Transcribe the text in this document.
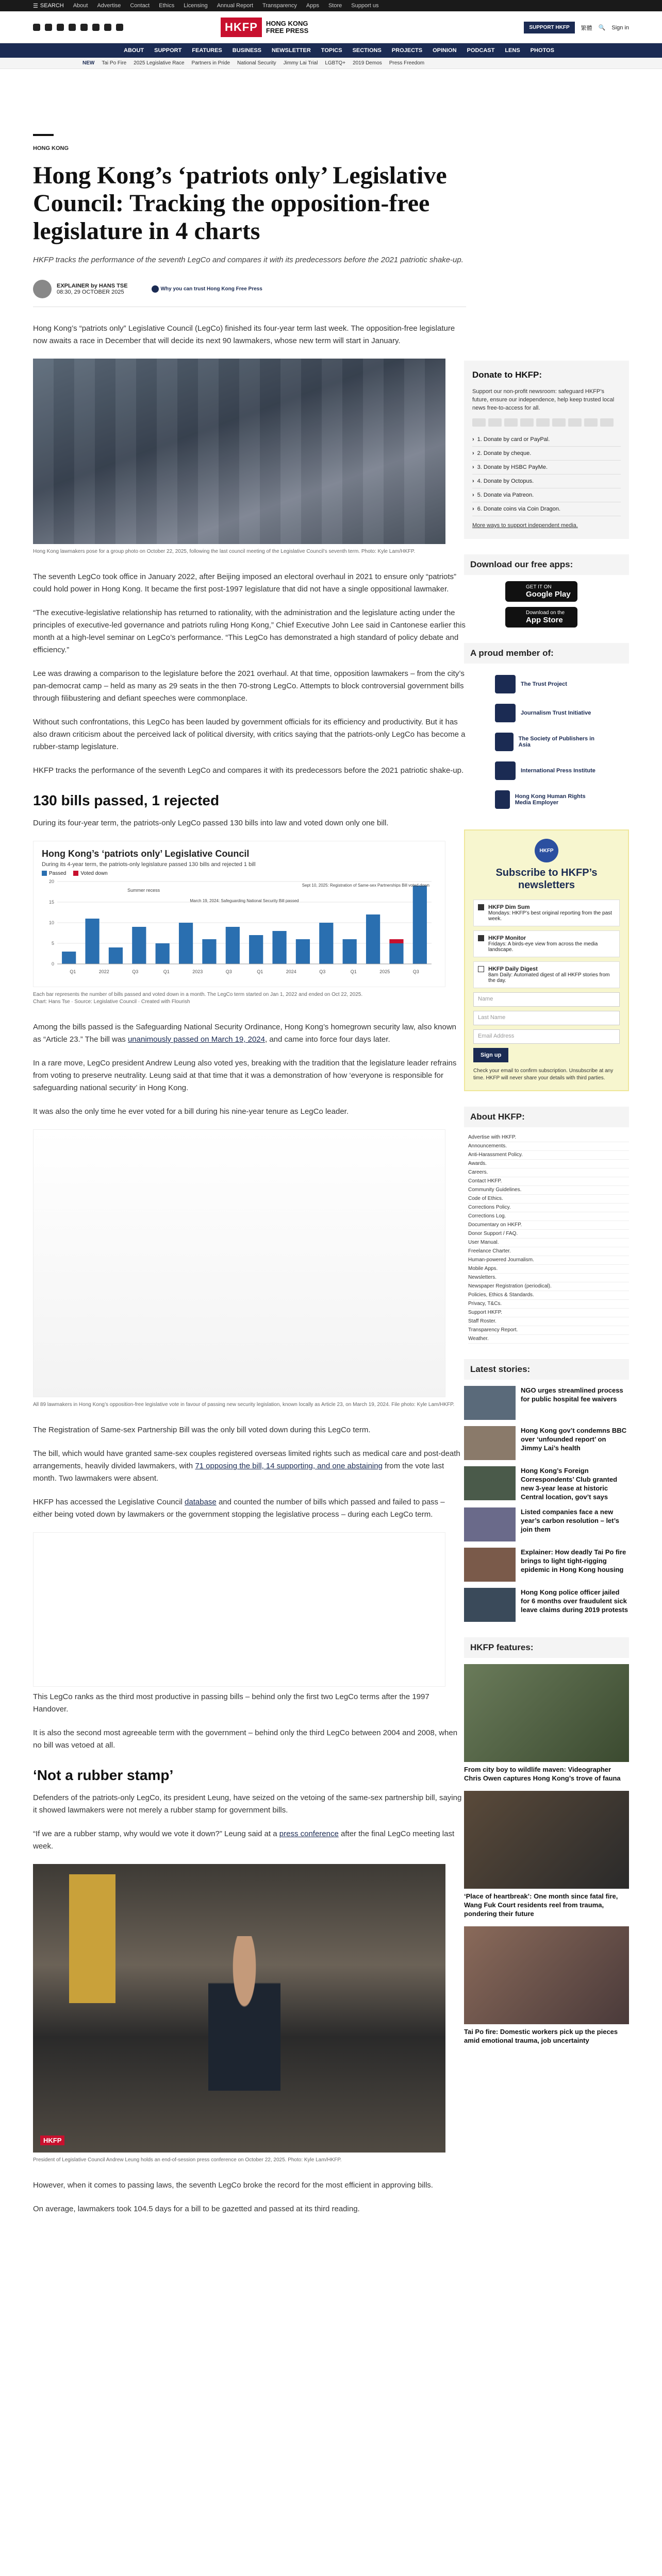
☰ SEARCH About Advertise Contact Ethics Licensing Annual Report Transparency Apps Store Support us
HKFP	HONG KONG
FREE PRESS	SUPPORT HKFP	繁體 🔍 Sign in
ABOUT SUPPORT FEATURES BUSINESS NEWSLETTER TOPICS SECTIONS PROJECTS OPINION PODCAST LENS PHOTOS
NEW Tai Po Fire 2025 Legislative Race Partners in Pride National Security Jimmy Lai Trial LGBTQ+ 2019 Demos Press Freedom
HONG KONG
Hong Kong’s ‘patriots only’ Legislative Council: Tracking the opposition-free legislature in 4 charts
HKFP tracks the performance of the seventh LegCo and compares it with its predecessors before the 2021 patriotic shake-up.
EXPLAINER by HANS TSE
08:30, 29 OCTOBER 2025	Why you can trust Hong Kong Free Press

Hong Kong’s “patriots only” Legislative Council (LegCo) finished its four-year term last week. The opposition-free legislature now awaits a race in December that will decide its next 90 lawmakers, whose new term will start in January.

Hong Kong lawmakers pose for a group photo on October 22, 2025, following the last council meeting of the Legislative Council’s seventh term. Photo: Kyle Lam/HKFP.

The seventh LegCo took office in January 2022, after Beijing imposed an electoral overhaul in 2021 to ensure only “patriots” could hold power in Hong Kong. It became the first post-1997 legislature that did not have a single oppositional lawmaker.

“The executive-legislative relationship has returned to rationality, with the administration and the legislature acting under the principles of executive-led governance and patriots ruling Hong Kong,” Chief Executive John Lee said in Cantonese earlier this month at a high-level seminar on LegCo’s performance. “This LegCo has demonstrated a high standard of policy debate and efficiency.”

Lee was drawing a comparison to the legislature before the 2021 overhaul. At that time, opposition lawmakers – from the city’s pan-democrat camp – held as many as 29 seats in the then 70-strong LegCo. Attempts to block controversial government bills through filibustering and defiant speeches were commonplace.

Without such confrontations, this LegCo has been lauded by government officials for its efficiency and productivity. But it has also drawn criticism about the perceived lack of political diversity, with critics saying that the patriots-only LegCo has become a rubber-stamp legislature.

HKFP tracks the performance of the seventh LegCo and compares it with its predecessors before the 2021 patriotic shake-up.

130 bills passed, 1 rejected

During its four-year term, the patriots-only LegCo passed 130 bills into law and voted down only one bill.

Hong Kong’s ‘patriots only’ Legislative Council
During its 4-year term, the patriots-only legislature passed 130 bills and rejected 1 bill
Passed	Voted down
0
5
10
15
20
Q1	2022	Q3	Q1	2023	Q3	Q1	2024	Q3	Q1	2025	Q3
Summer recess
March 19, 2024: Safeguarding National Security Bill passed
Sept 10, 2025: Registration of Same-sex Partnerships Bill voted down
Each bar represents the number of bills passed and voted down in a month. The LegCo term started on Jan 1, 2022 and ended on Oct 22, 2025.
Chart: Hans Tse · Source: Legislative Council · Created with Flourish

Among the bills passed is the Safeguarding National Security Ordinance, Hong Kong’s homegrown security law, also known as “Article 23.” The bill was unanimously passed on March 19, 2024, and came into force four days later.

In a rare move, LegCo president Andrew Leung also voted yes, breaking with the tradition that the legislature leader refrains from voting to preserve neutrality. Leung said at that time that it was a demonstration of how ‘everyone is responsible for safeguarding national security’ in Hong Kong.

It was also the only time he ever voted for a bill during his nine-year tenure as LegCo leader.

All 89 lawmakers in Hong Kong’s opposition-free legislative vote in favour of passing new security legislation, known locally as Article 23, on March 19, 2024. File photo: Kyle Lam/HKFP.

The Registration of Same-sex Partnership Bill was the only bill voted down during this LegCo term.

The bill, which would have granted same-sex couples registered overseas limited rights such as medical care and post-death arrangements, heavily divided lawmakers, with 71 opposing the bill, 14 supporting, and one abstaining from the vote last month. Two lawmakers were absent.

HKFP has accessed the Legislative Council database and counted the number of bills which passed and failed to pass – either being voted down by lawmakers or the government stopping the legislative process – during each LegCo term.

This LegCo ranks as the third most productive in passing bills – behind only the first two LegCo terms after the 1997 Handover.

It is also the second most agreeable term with the government – behind only the third LegCo between 2004 and 2008, when no bill was vetoed at all.

‘Not a rubber stamp’

Defenders of the patriots-only LegCo, its president Leung, have seized on the vetoing of the same-sex partnership bill, saying it showed lawmakers were not merely a rubber stamp for government bills.

“If we are a rubber stamp, why would we vote it down?” Leung said at a press conference after the final LegCo meeting last week.

HKFP
President of Legislative Council Andrew Leung holds an end-of-session press conference on October 22, 2025. Photo: Kyle Lam/HKFP.

However, when it comes to passing laws, the seventh LegCo broke the record for the most efficient in approving bills.

On average, lawmakers took 104.5 days for a bill to be gazetted and passed at its third reading.

Donate to HKFP:

Support our non-profit newsroom: safeguard HKFP’s future, ensure our independence, help keep trusted local news free-to-access for all.

› 1. Donate by card or PayPal.
› 2. Donate by cheque.
› 3. Donate by HSBC PayMe.
› 4. Donate by Octopus.
› 5. Donate via Patreon.
› 6. Donate coins via Coin Dragon.

More ways to support independent media.

Download our free apps:
GET IT ON
Google Play
Download on the
App Store
A proud member of:
The Trust Project
Journalism Trust Initiative
The Society of Publishers in Asia
International Press Institute
Hong Kong Human Rights Media Employer
HKFP
Subscribe to HKFP’s newsletters
HKFP Dim Sum
Mondays: HKFP’s best original reporting from the past week.
HKFP Monitor
Fridays: A birds-eye view from across the media landscape.
HKFP Daily Digest
8am Daily: Automated digest of all HKFP stories from the day.
Name
Last Name
Email Address
Sign up
Check your email to confirm subscription. Unsubscribe at any time. HKFP will never share your details with third parties.
About HKFP:
Advertise with HKFP.
Announcements.
Anti-Harassment Policy.
Awards.
Careers.
Contact HKFP.
Community Guidelines.
Code of Ethics.
Corrections Policy.
Corrections Log.
Documentary on HKFP.
Donor Support / FAQ.
User Manual.
Freelance Charter.
Human-powered Journalism.
Mobile Apps.
Newsletters.
Newspaper Registration (periodical).
Policies, Ethics & Standards.
Privacy, T&Cs.
Support HKFP.
Staff Roster.
Transparency Report.
Weather.
Latest stories:
NGO urges streamlined process for public hospital fee waivers
Hong Kong gov’t condemns BBC over ‘unfounded report’ on Jimmy Lai’s health
Hong Kong’s Foreign Correspondents’ Club granted new 3-year lease at historic Central location, gov’t says
Listed companies face a new year’s carbon resolution – let’s join them
Explainer: How deadly Tai Po fire brings to light tight-rigging epidemic in Hong Kong housing
Hong Kong police officer jailed for 6 months over fraudulent sick leave claims during 2019 protests
HKFP features:
From city boy to wildlife maven: Videographer Chris Owen captures Hong Kong’s trove of fauna
‘Place of heartbreak’: One month since fatal fire, Wang Fuk Court residents reel from trauma, pondering their future
Tai Po fire: Domestic workers pick up the pieces amid emotional trauma, job uncertainty
